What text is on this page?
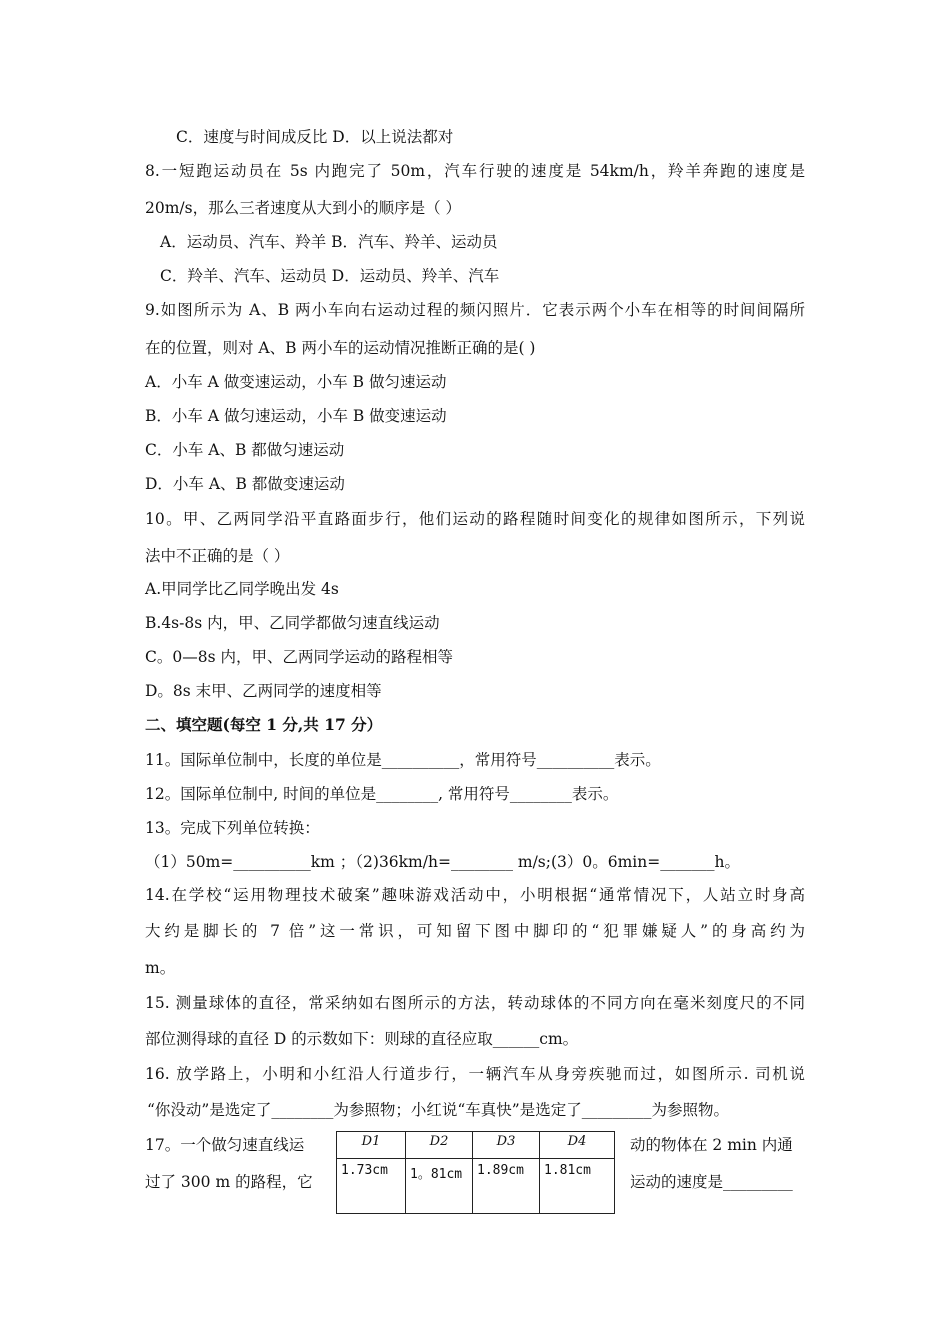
C．速度与时间成反比 D．以上说法都对
8.一短跑运动员在 5s 内跑完了 50m，汽车行驶的速度是 54km/h，羚羊奔跑的速度是
20m/s，那么三者速度从大到小的顺序是（ ）
A．运动员、汽车、羚羊 B．汽车、羚羊、运动员
C．羚羊、汽车、运动员 D．运动员、羚羊、汽车
9.如图所示为 A、B 两小车向右运动过程的频闪照片．它表示两个小车在相等的时间间隔所
在的位置，则对 A、B 两小车的运动情况推断正确的是( )
A．小车 A 做变速运动，小车 B 做匀速运动
B．小车 A 做匀速运动，小车 B 做变速运动
C．小车 A、B 都做匀速运动
D．小车 A、B 都做变速运动
10。甲、乙两同学沿平直路面步行，他们运动的路程随时间变化的规律如图所示，下列说
法中不正确的是（ ）
A.甲同学比乙同学晚出发 4s
B.4s-8s 内，甲、乙同学都做匀速直线运动
C。0—8s 内，甲、乙两同学运动的路程相等
D。8s 末甲、乙两同学的速度相等
二、填空题(每空 1 分,共 17 分）
11。国际单位制中，长度的单位是__________，常用符号__________表示。
12。国际单位制中, 时间的单位是________, 常用符号________表示。
13。完成下列单位转换：
（1）50m=__________km ；（2)36km/h=________ m/s;(3）0。6min=_______h。
14.在学校“运用物理技术破案”趣味游戏活动中，小明根据“通常情况下，人站立时身高
大约是脚长的 7 倍”这一常识，可知留下图中脚印的“犯罪嫌疑人”的身高约为
m。
15. 测量球体的直径，常采纳如右图所示的方法，转动球体的不同方向在毫米刻度尺的不同
部位测得球的直径 D 的示数如下：则球的直径应取______cm。
16. 放学路上，小明和小红沿人行道步行，一辆汽车从身旁疾驰而过，如图所示. 司机说
“你没动”是选定了________为参照物；小红说“车真快”是选定了_________为参照物。
17。一个做匀速直线运	动的物体在 2 min 内通
过了 300 m 的路程，它	运动的速度是_________
D1	D2	D3	D4
1.73cm	1。81cm	1.89cm	1.81cm
